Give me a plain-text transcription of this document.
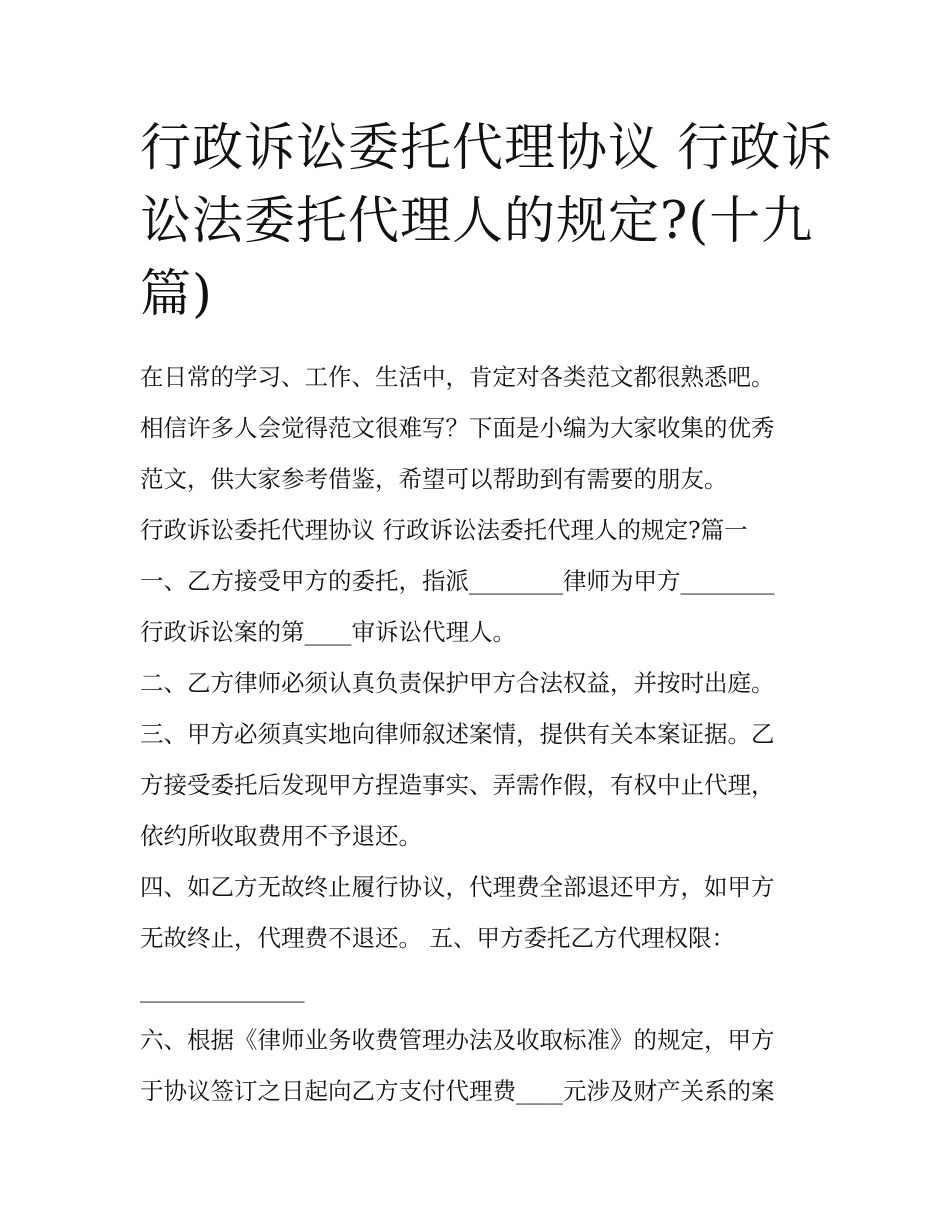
行政诉讼委托代理协议 行政诉
讼法委托代理人的规定?(十九
篇)
在日常的学习、工作、生活中，肯定对各类范文都很熟悉吧。
相信许多人会觉得范文很难写？下面是小编为大家收集的优秀
范文，供大家参考借鉴，希望可以帮助到有需要的朋友。
行政诉讼委托代理协议 行政诉讼法委托代理人的规定?篇一
一、乙方接受甲方的委托，指派________律师为甲方________
行政诉讼案的第____审诉讼代理人。
二、乙方律师必须认真负责保护甲方合法权益，并按时出庭。
三、甲方必须真实地向律师叙述案情，提供有关本案证据。乙
方接受委托后发现甲方捏造事实、弄需作假，有权中止代理，
依约所收取费用不予退还。
四、如乙方无故终止履行协议，代理费全部退还甲方，如甲方
无故终止，代理费不退还。 五、甲方委托乙方代理权限：
______________
六、根据《律师业务收费管理办法及收取标准》的规定，甲方
于协议签订之日起向乙方支付代理费____元涉及财产关系的案
